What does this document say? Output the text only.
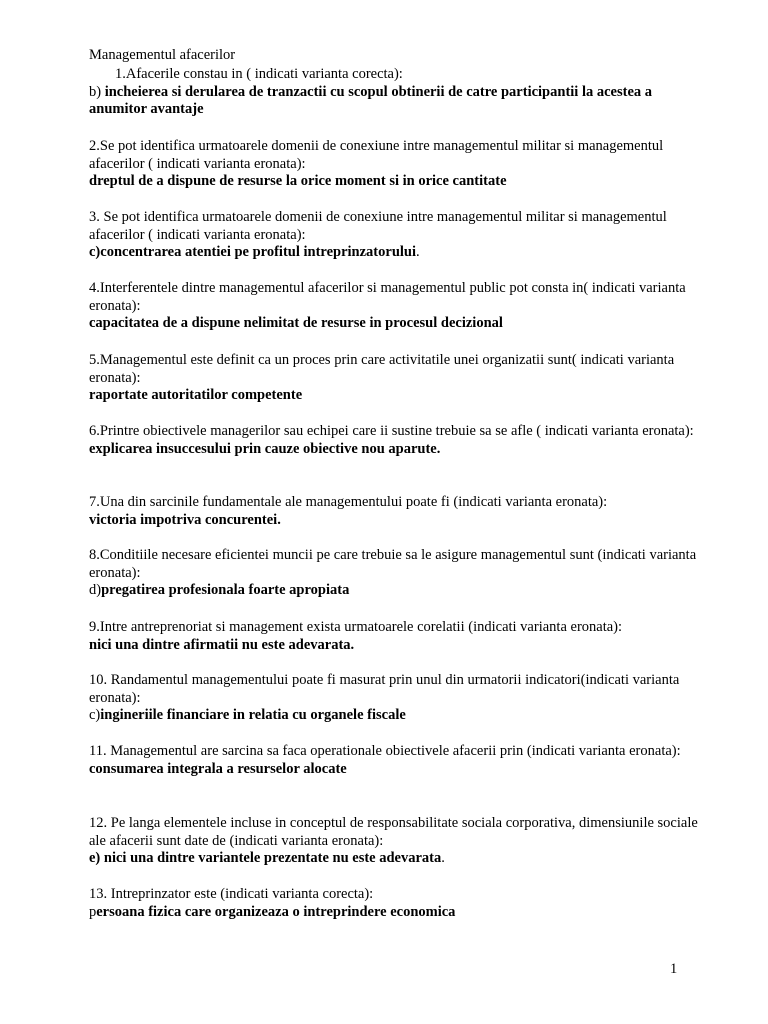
Managementul afacerilor
1.Afacerile constau in ( indicati varianta corecta):
b) incheierea si derularea de tranzactii cu scopul obtinerii de catre participantii la acestea a anumitor avantaje
2.Se pot identifica urmatoarele domenii de conexiune intre managementul militar si managementul afacerilor ( indicati varianta eronata):
dreptul de a dispune de resurse la orice moment si in orice cantitate
3. Se pot identifica urmatoarele domenii de conexiune intre managementul militar si managementul afacerilor ( indicati varianta eronata):
c)concentrarea atentiei pe profitul intreprinzatorului.
4.Interferentele dintre managementul afacerilor si managementul public pot consta in( indicati varianta eronata):
capacitatea de a dispune nelimitat de resurse in procesul decizional
5.Managementul este definit ca un proces prin care activitatile unei organizatii sunt( indicati varianta eronata):
raportate autoritatilor competente
6.Printre obiectivele managerilor sau echipei care ii sustine trebuie sa se afle ( indicati varianta eronata):
explicarea insuccesului prin cauze obiective nou aparute.
7.Una din sarcinile fundamentale ale managementului poate fi (indicati varianta eronata):
victoria impotriva concurentei.
8.Conditiile necesare eficientei muncii pe care trebuie sa le asigure managementul sunt (indicati varianta eronata):
d)pregatirea profesionala foarte apropiata
9.Intre antreprenoriat si management exista urmatoarele corelatii (indicati varianta eronata):
nici una dintre afirmatii nu este adevarata.
10. Randamentul managementului poate fi masurat prin unul din urmatorii indicatori(indicati varianta eronata):
c)ingineriile financiare in relatia cu organele fiscale
11. Managementul are sarcina sa faca operationale obiectivele afacerii prin (indicati varianta eronata):
consumarea integrala a resurselor alocate
12. Pe langa elementele incluse in conceptul de responsabilitate sociala corporativa, dimensiunile sociale ale afacerii sunt date de (indicati varianta eronata):
e) nici una dintre variantele prezentate nu este adevarata.
13. Intreprinzator este (indicati varianta corecta):
persoana fizica care organizeaza o intreprindere economica
1
